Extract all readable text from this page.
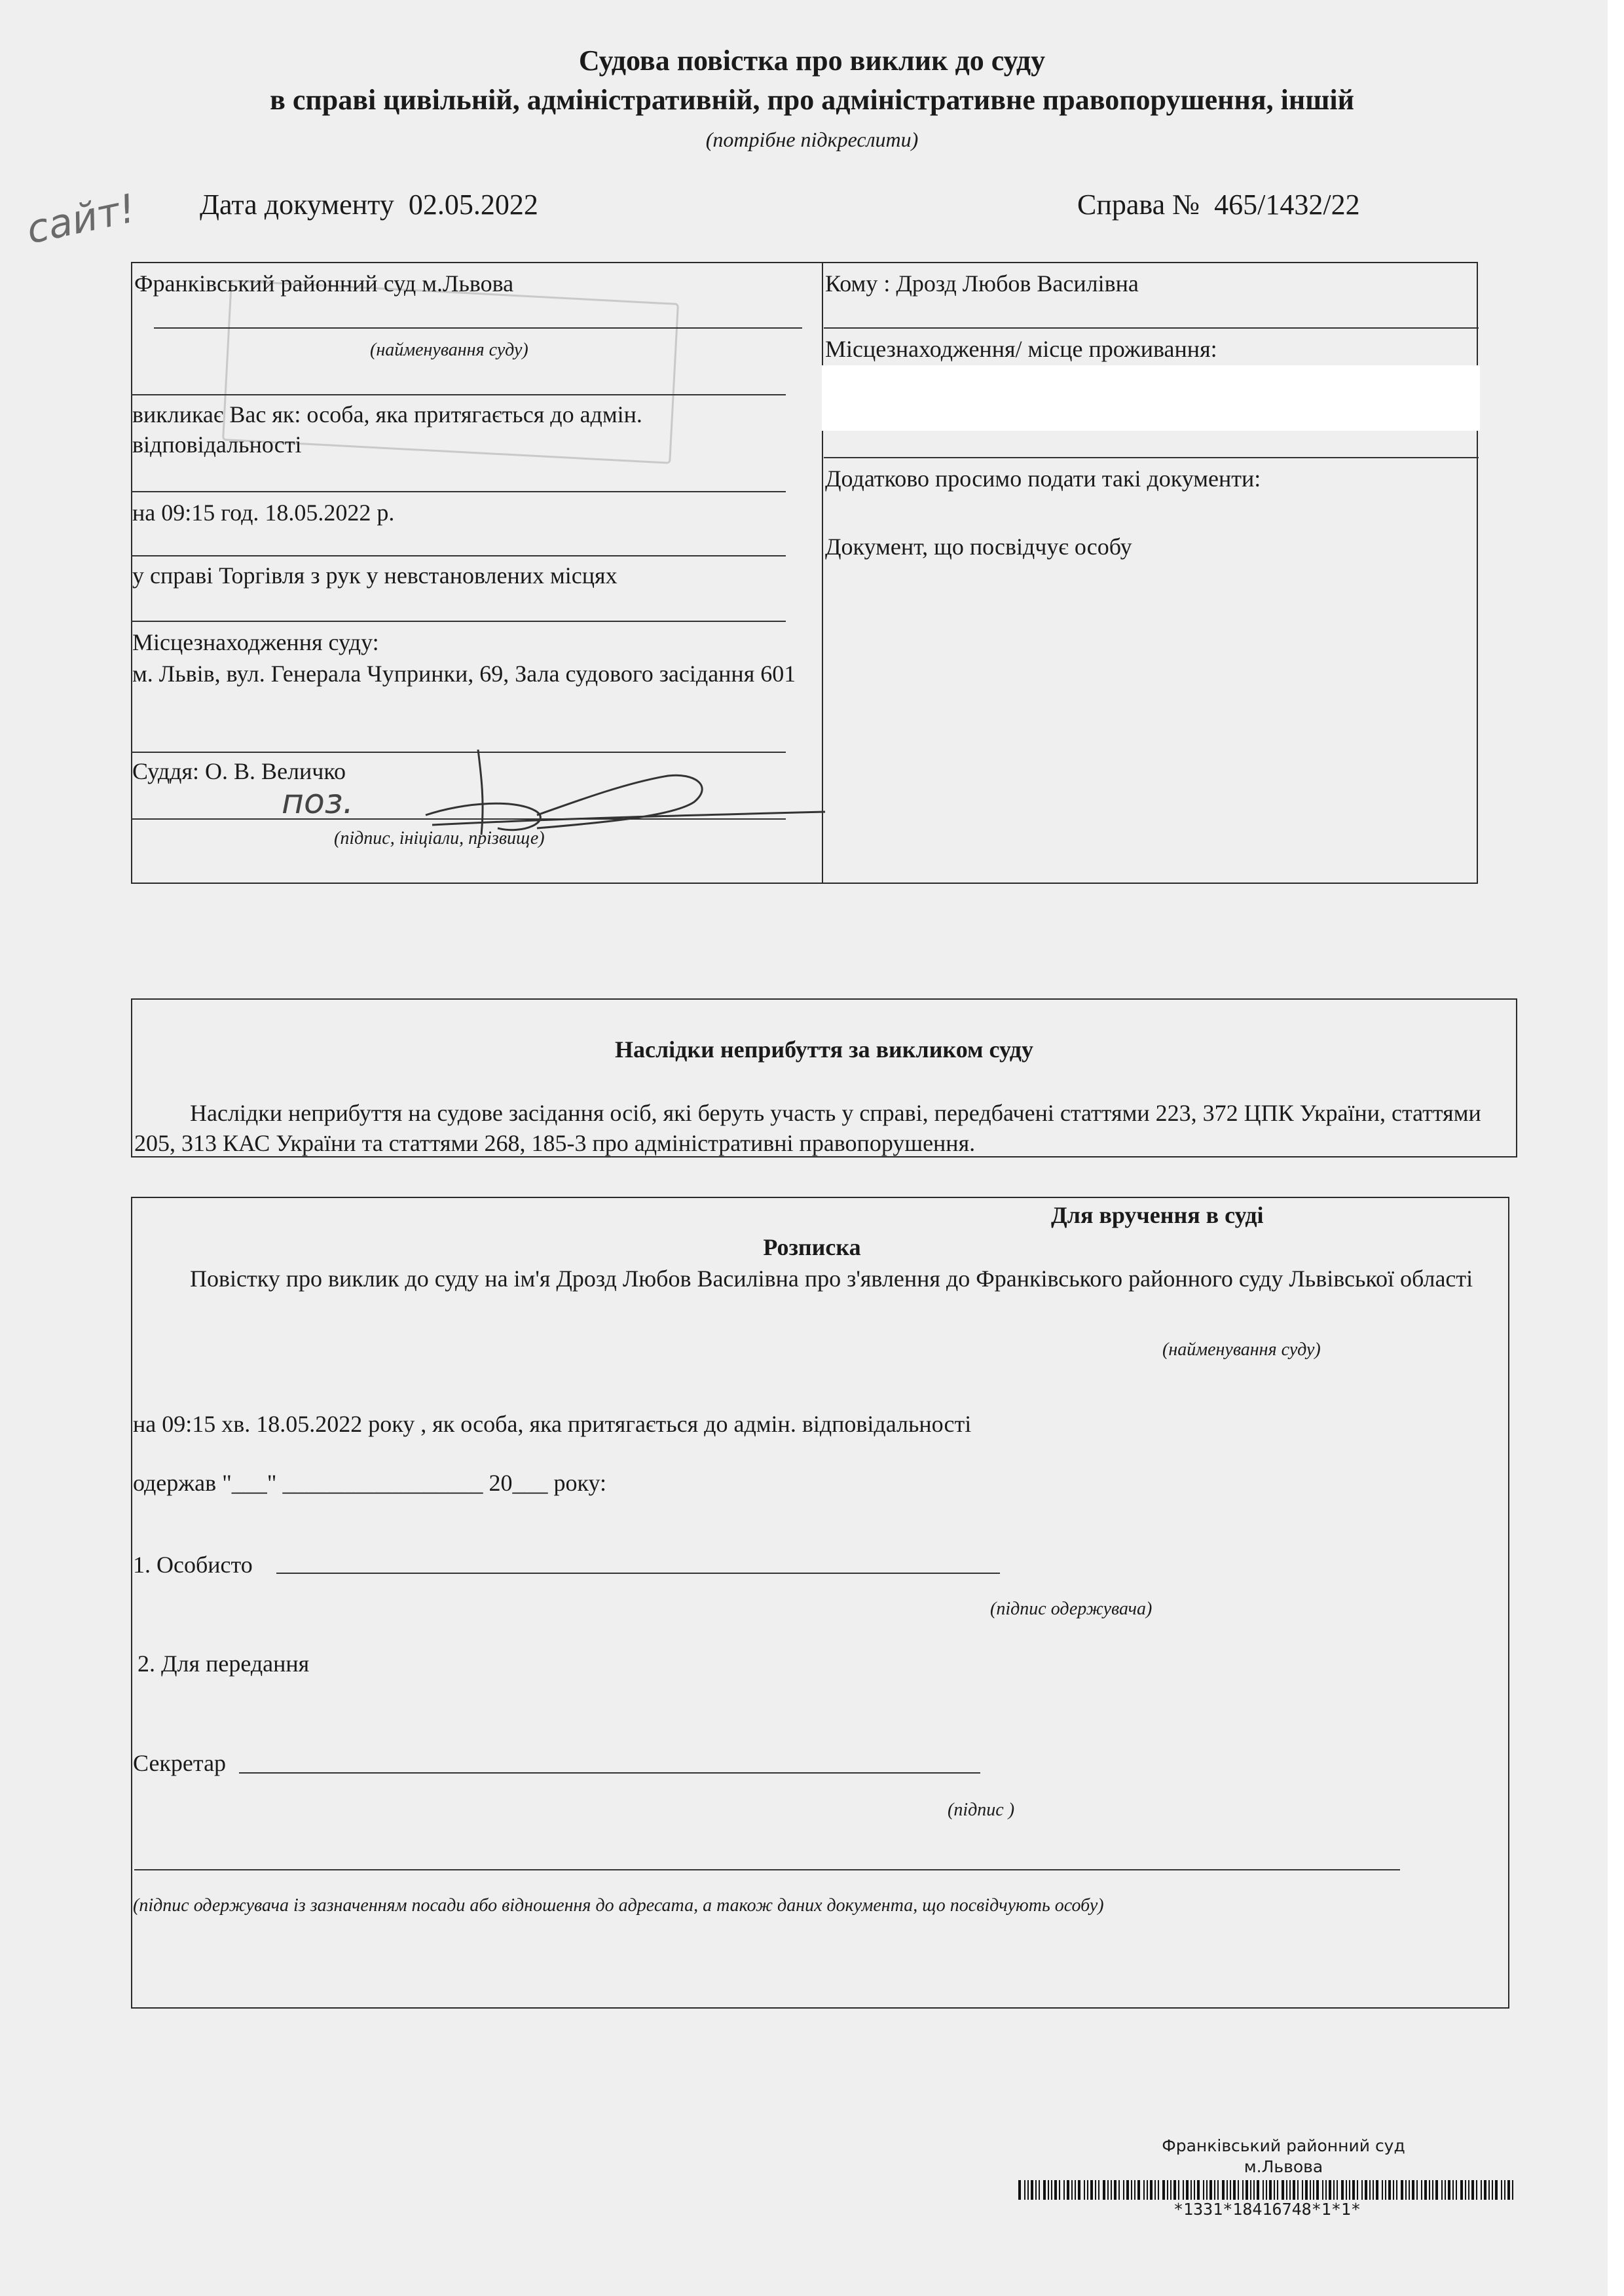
Судова повістка про виклик до суду
в справі цивільній, адміністративній, про адміністративне правопорушення, іншій
(потрібне підкреслити)
сайт! Дата документу 02.05.2022	Справа № 465/1432/22
Франківський районний суд м.Львова
(найменування суду)
викликає Вас як: особа, яка притягається до адмін. відповідальності
на 09:15 год. 18.05.2022 р.
у справі Торгівля з рук у невстановлених місцях
Місцезнаходження суду:
м. Львів, вул. Генерала Чупринки, 69, Зала судового засідання 601
Суддя: О. В. Величко
поз.
(підпис, ініціали, прізвище)
Кому : Дрозд Любов Василівна
Місцезнаходження/ місце проживання:
Додатково просимо подати такі документи:
Документ, що посвідчує особу
Наслідки неприбуття за викликом суду
Наслідки неприбуття на судове засідання осіб, які беруть участь у справі, передбачені статтями 223, 372 ЦПК України, статтями 205, 313 КАС України та статтями 268, 185-3 про адміністративні правопорушення.
Для вручення в суді
Розписка
Повістку про виклик до суду на ім'я Дрозд Любов Василівна про з'явлення до Франківського районного суду Львівської області
(найменування суду)
на 09:15 хв. 18.05.2022 року , як особа, яка притягається до адмін. відповідальності
одержав "___" _________________ 20___ року:
1. Особисто
(підпис одержувача)
2. Для передання
Секретар
(підпис )
(підпис одержувача із зазначенням посади або відношення до адресата, а також даних документа, що посвідчують особу)
Франківський районний суд
м.Львова
*1331*18416748*1*1*
